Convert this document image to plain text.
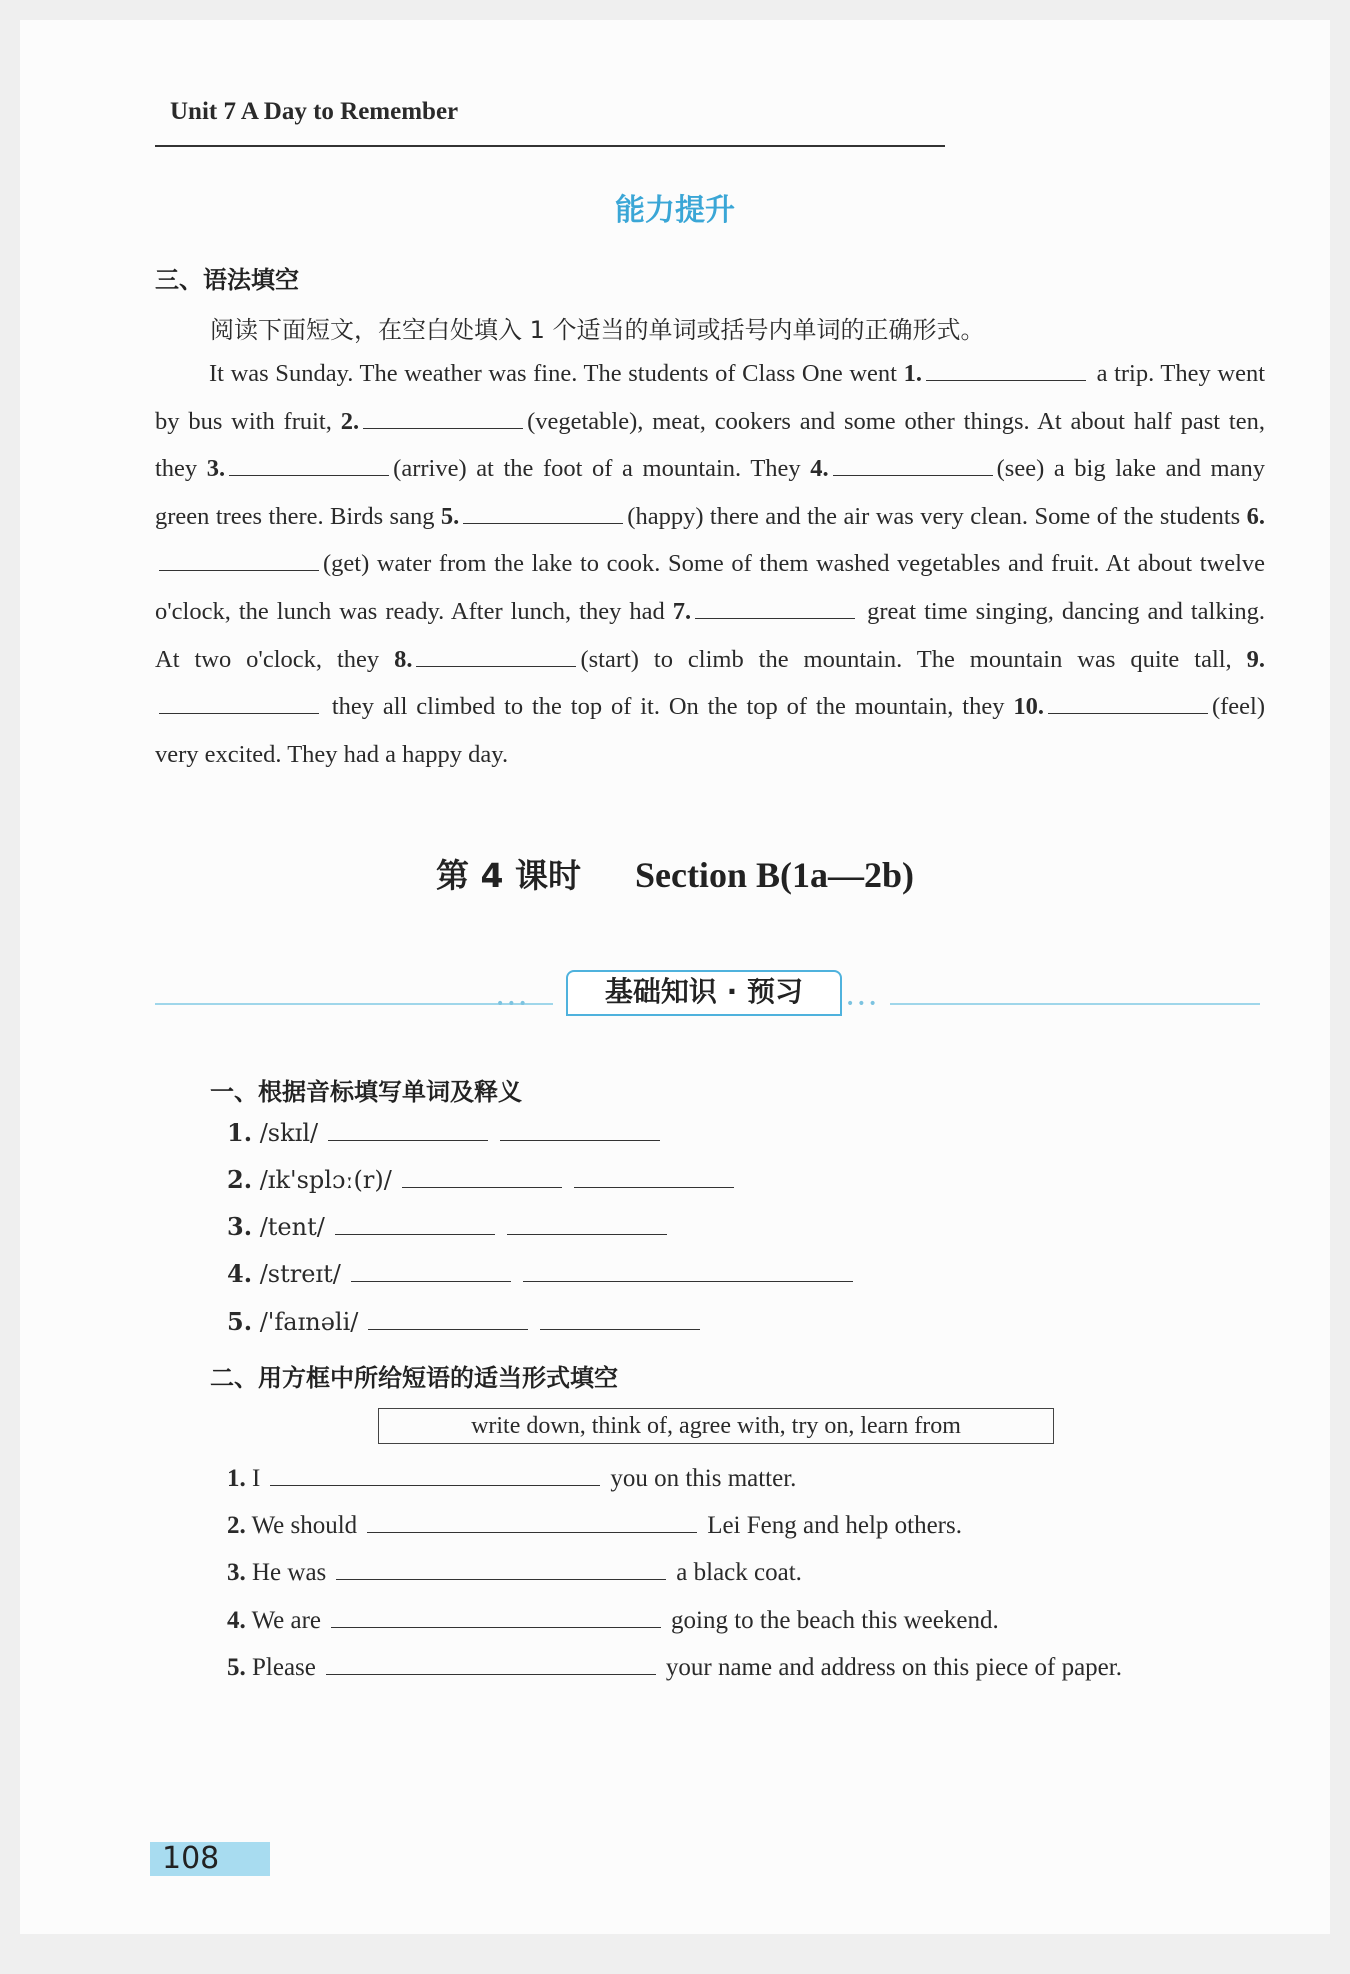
Unit 7 A Day to Remember
能力提升
三、语法填空
阅读下面短文，在空白处填入 1 个适当的单词或括号内单词的正确形式。
It was Sunday. The weather was fine. The students of Class One went 1.	a trip. They went by bus with fruit, 2.	(vegetable), meat, cookers and some other things. At about half past ten, they 3.	(arrive) at the foot of a mountain. They 4.	(see) a big lake and many green trees there. Birds sang 5.	(happy) there and the air was very clean. Some of the students 6.(get) water from the lake to cook. Some of them washed vegetables and fruit. At about twelve o'clock, the lunch was ready. After lunch, they had 7.	great time singing, dancing and talking. At two o'clock, they 8.	(start) to climb the mountain. The mountain was quite tall, 9. they all climbed to the top of it. On the top of the mountain, they 10.	(feel) very excited. They had a happy day.
第 4 课时 Section B(1a—2b)
•••	基础知识 · 预习	•••
一、根据音标填写单词及释义
1. /skɪl/
2. /ɪk'splɔː(r)/
3. /tent/
4. /streɪt/
5. /'faɪnəli/
二、用方框中所给短语的适当形式填空
write down, think of, agree with, try on, learn from
1. I	you on this matter.
2. We should	Lei Feng and help others.
3. He was	a black coat.
4. We are	going to the beach this weekend.
5. Please	your name and address on this piece of paper.
108
